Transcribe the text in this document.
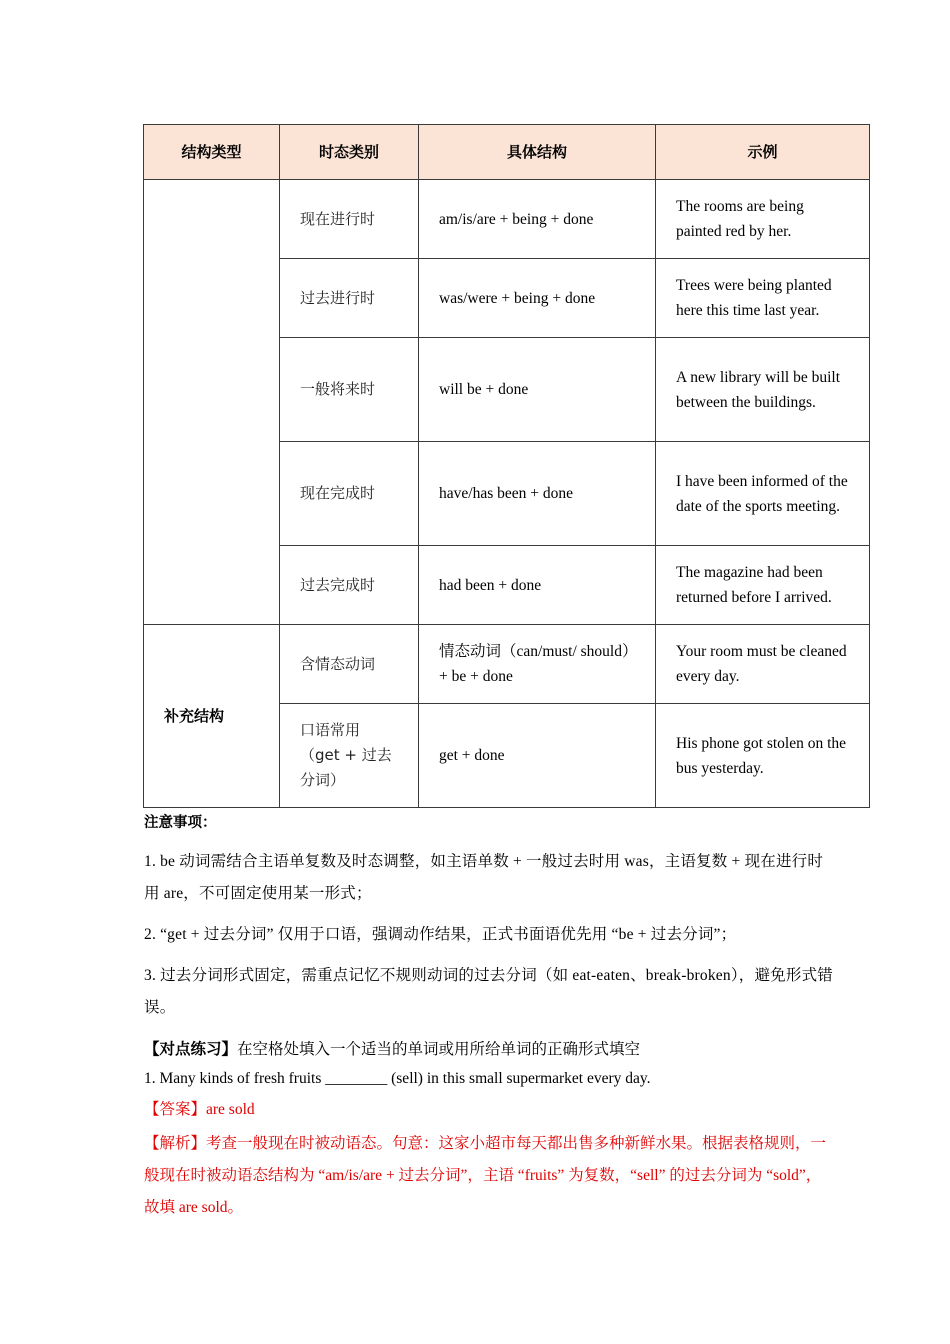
结构类型	时态类别	具体结构	示例
	现在进行时	am/is/are + being + done	The rooms are being painted red by her.
	过去进行时	was/were + being + done	Trees were being planted here this time last year.
	一般将来时	will be + done	A new library will be built between the buildings.
	现在完成时	have/has been + done	I have been informed of the date of the sports meeting.
	过去完成时	had been + done	The magazine had been returned before I arrived.
补充结构	含情态动词	情态动词（can/must/ should）+ be + done	Your room must be cleaned every day.
	口语常用（get + 过去分词）	get + done	His phone got stolen on the bus yesterday.
注意事项：
1. be 动词需结合主语单复数及时态调整，如主语单数 + 一般过去时用 was，主语复数 + 现在进行时用 are，不可固定使用某一形式；
2. “get + 过去分词” 仅用于口语，强调动作结果，正式书面语优先用 “be + 过去分词”；
3. 过去分词形式固定，需重点记忆不规则动词的过去分词（如 eat-eaten、break-broken），避免形式错误。
【对点练习】在空格处填入一个适当的单词或用所给单词的正确形式填空
1. Many kinds of fresh fruits ________ (sell) in this small supermarket every day.
【答案】are sold
【解析】考查一般现在时被动语态。句意：这家小超市每天都出售多种新鲜水果。根据表格规则，一般现在时被动语态结构为 “am/is/are + 过去分词”，主语 “fruits” 为复数，“sell” 的过去分词为 “sold”，故填 are sold。
